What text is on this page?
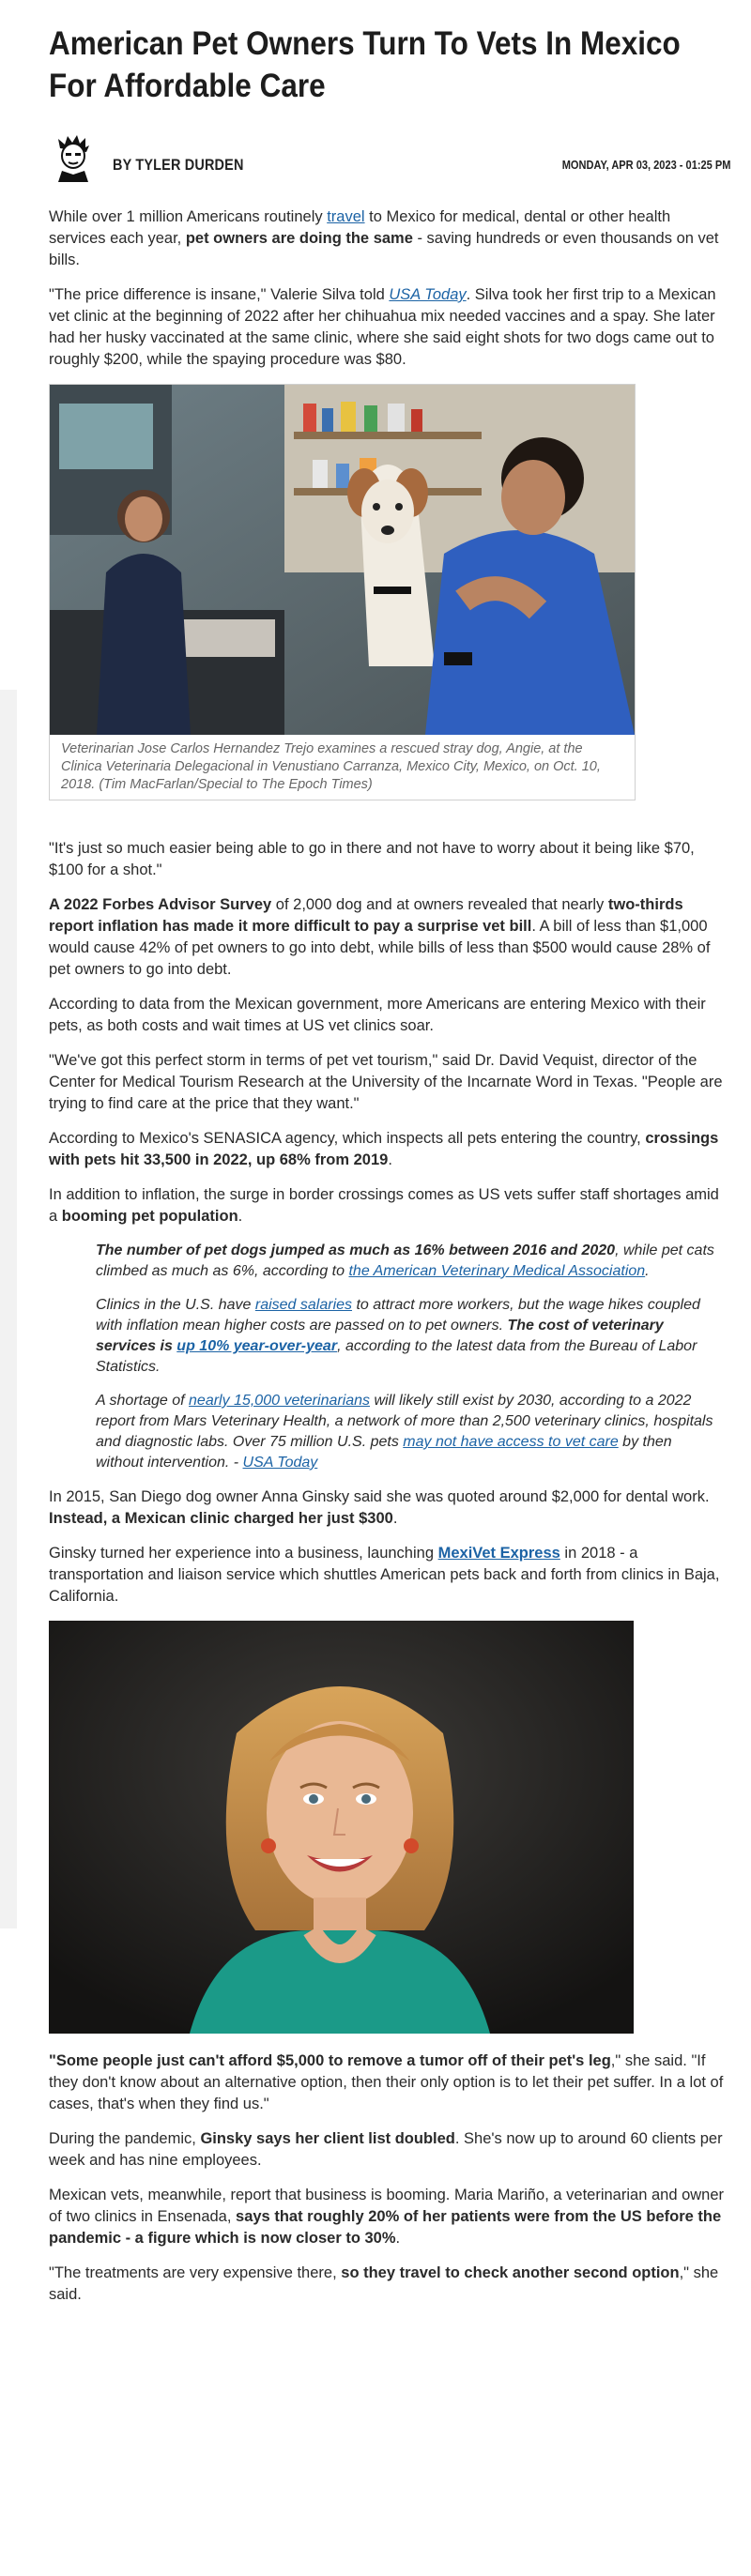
American Pet Owners Turn To Vets In Mexico For Affordable Care
BY TYLER DURDEN	MONDAY, APR 03, 2023 - 01:25 PM

While over 1 million Americans routinely travel to Mexico for medical, dental or other health services each year, pet owners are doing the same - saving hundreds or even thousands on vet bills.

"The price difference is insane," Valerie Silva told USA Today. Silva took her first trip to a Mexican vet clinic at the beginning of 2022 after her chihuahua mix needed vaccines and a spay. She later had her husky vaccinated at the same clinic, where she said eight shots for two dogs came out to roughly $200, while the spaying procedure was $80.

Veterinarian Jose Carlos Hernandez Trejo examines a rescued stray dog, Angie, at the Clinica Veterinaria Delegacional in Venustiano Carranza, Mexico City, Mexico, on Oct. 10, 2018. (Tim MacFarlan/Special to The Epoch Times)

"It's just so much easier being able to go in there and not have to worry about it being like $70, $100 for a shot."

A 2022 Forbes Advisor Survey of 2,000 dog and at owners revealed that nearly two-thirds report inflation has made it more difficult to pay a surprise vet bill. A bill of less than $1,000 would cause 42% of pet owners to go into debt, while bills of less than $500 would cause 28% of pet owners to go into debt.

According to data from the Mexican government, more Americans are entering Mexico with their pets, as both costs and wait times at US vet clinics soar.

"We've got this perfect storm in terms of pet vet tourism," said Dr. David Vequist, director of the Center for Medical Tourism Research at the University of the Incarnate Word in Texas. "People are trying to find care at the price that they want."

According to Mexico's SENASICA agency, which inspects all pets entering the country, crossings with pets hit 33,500 in 2022, up 68% from 2019.

In addition to inflation, the surge in border crossings comes as US vets suffer staff shortages amid a booming pet population.

The number of pet dogs jumped as much as 16% between 2016 and 2020, while pet cats climbed as much as 6%, according to the American Veterinary Medical Association.

Clinics in the U.S. have raised salaries to attract more workers, but the wage hikes coupled with inflation mean higher costs are passed on to pet owners. The cost of veterinary services is up 10% year-over-year, according to the latest data from the Bureau of Labor Statistics.

A shortage of nearly 15,000 veterinarians will likely still exist by 2030, according to a 2022 report from Mars Veterinary Health, a network of more than 2,500 veterinary clinics, hospitals and diagnostic labs. Over 75 million U.S. pets may not have access to vet care by then without intervention. - USA Today

In 2015, San Diego dog owner Anna Ginsky said she was quoted around $2,000 for dental work. Instead, a Mexican clinic charged her just $300.

Ginsky turned her experience into a business, launching MexiVet Express in 2018 - a transportation and liaison service which shuttles American pets back and forth from clinics in Baja, California.

"Some people just can't afford $5,000 to remove a tumor off of their pet's leg," she said. "If they don't know about an alternative option, then their only option is to let their pet suffer. In a lot of cases, that's when they find us."

During the pandemic, Ginsky says her client list doubled. She's now up to around 60 clients per week and has nine employees.

Mexican vets, meanwhile, report that business is booming. Maria Mariño, a veterinarian and owner of two clinics in Ensenada, says that roughly 20% of her patients were from the US before the pandemic - a figure which is now closer to 30%.

"The treatments are very expensive there, so they travel to check another second option," she said.
